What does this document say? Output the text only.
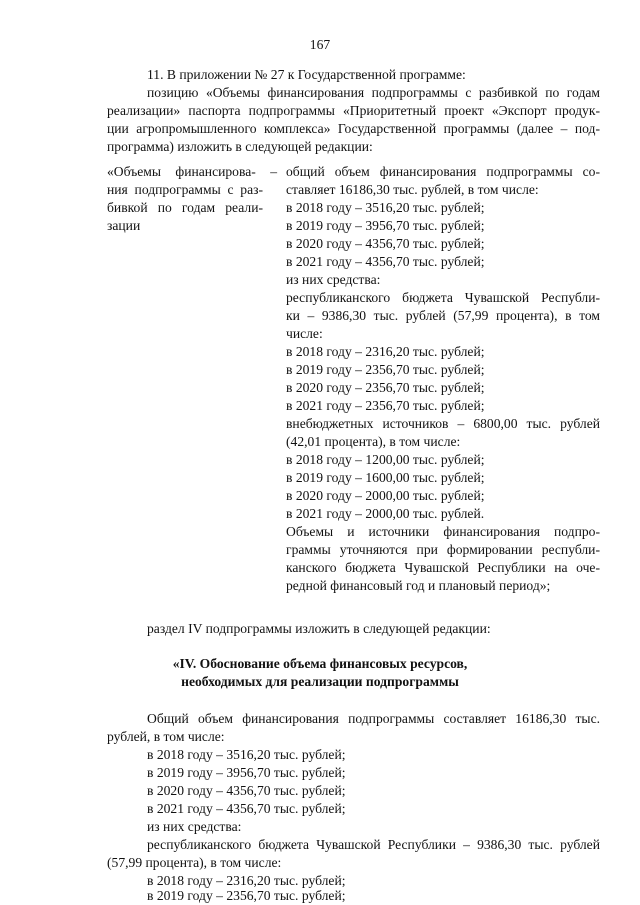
167
11. В приложении № 27 к Государственной программе:
позицию «Объемы финансирования подпрограммы с разбивкой по годам
реализации» паспорта подпрограммы «Приоритетный проект «Экспорт продук-
ции агропромышленного комплекса» Государственной программы (далее – под-
программа) изложить в следующей редакции:
«Объемы финансирова- –
ния подпрограммы с раз-
бивкой по годам реали-
зации
общий объем финансирования подпрограммы со-
ставляет 16186,30 тыс. рублей, в том числе:
в 2018 году – 3516,20 тыс. рублей;
в 2019 году – 3956,70 тыс. рублей;
в 2020 году – 4356,70 тыс. рублей;
в 2021 году – 4356,70 тыс. рублей;
из них средства:
республиканского бюджета Чувашской Республи-
ки – 9386,30 тыс. рублей (57,99 процента), в том
числе:
в 2018 году – 2316,20 тыс. рублей;
в 2019 году – 2356,70 тыс. рублей;
в 2020 году – 2356,70 тыс. рублей;
в 2021 году – 2356,70 тыс. рублей;
внебюджетных источников – 6800,00 тыс. рублей
(42,01 процента), в том числе:
в 2018 году – 1200,00 тыс. рублей;
в 2019 году – 1600,00 тыс. рублей;
в 2020 году – 2000,00 тыс. рублей;
в 2021 году – 2000,00 тыс. рублей.
Объемы и источники финансирования подпро-
граммы уточняются при формировании республи-
канского бюджета Чувашской Республики на оче-
редной финансовый год и плановый период»;
раздел IV подпрограммы изложить в следующей редакции:
«IV. Обоснование объема финансовых ресурсов,
необходимых для реализации подпрограммы
Общий объем финансирования подпрограммы составляет 16186,30 тыс.
рублей, в том числе:
в 2018 году – 3516,20 тыс. рублей;
в 2019 году – 3956,70 тыс. рублей;
в 2020 году – 4356,70 тыс. рублей;
в 2021 году – 4356,70 тыс. рублей;
из них средства:
республиканского бюджета Чувашской Республики – 9386,30 тыс. рублей
(57,99 процента), в том числе:
в 2018 году – 2316,20 тыс. рублей;
в 2019 году – 2356,70 тыс. рублей;
